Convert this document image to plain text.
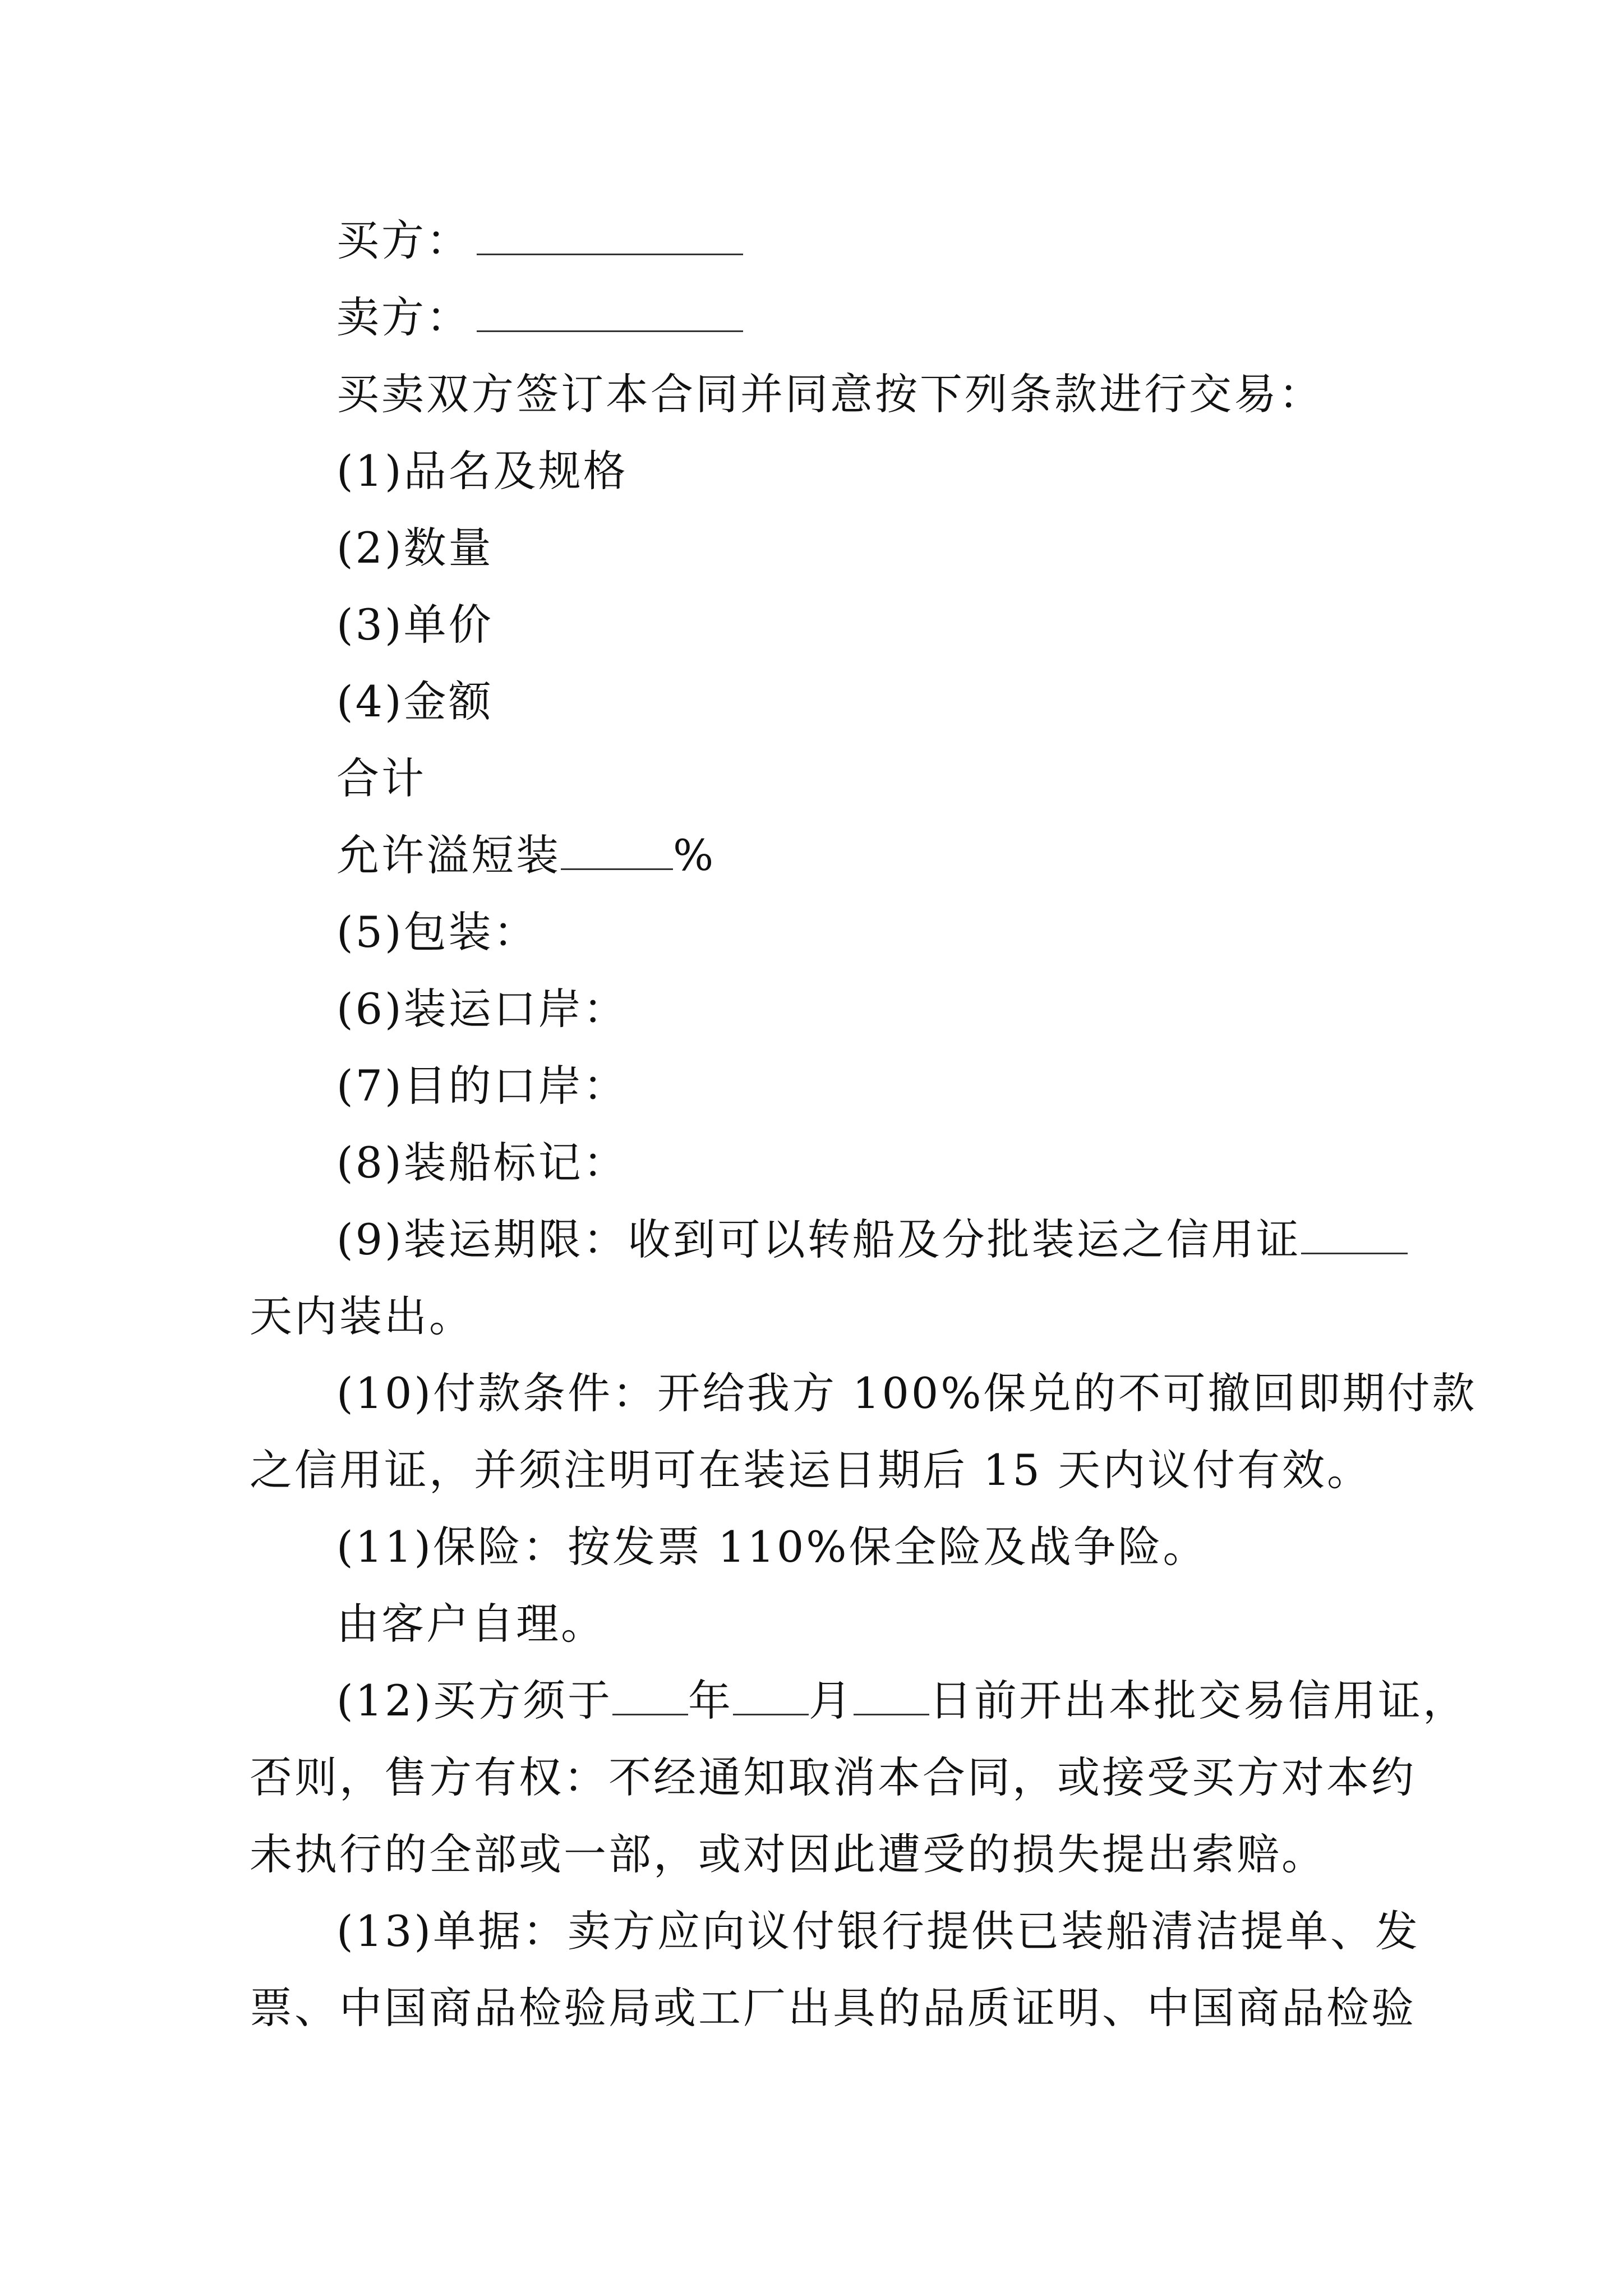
买方：
卖方：
买卖双方签订本合同并同意按下列条款进行交易：
(1)品名及规格
(2)数量
(3)单价
(4)金额
合计
允许溢短装	%
(5)包装：
(6)装运口岸：
(7)目的口岸：
(8)装船标记：
(9)装运期限：收到可以转船及分批装运之信用证
天内装出。
(10)付款条件：开给我方 100%保兑的不可撤回即期付款
之信用证，并须注明可在装运日期后 15 天内议付有效。
(11)保险：按发票 110%保全险及战争险。
由客户自理。
(12)买方须于 年 月 日前开出本批交易信用证，
否则，售方有权：不经通知取消本合同，或接受买方对本约
未执行的全部或一部，或对因此遭受的损失提出索赔。
(13)单据：卖方应向议付银行提供已装船清洁提单、发
票、中国商品检验局或工厂出具的品质证明、中国商品检验
